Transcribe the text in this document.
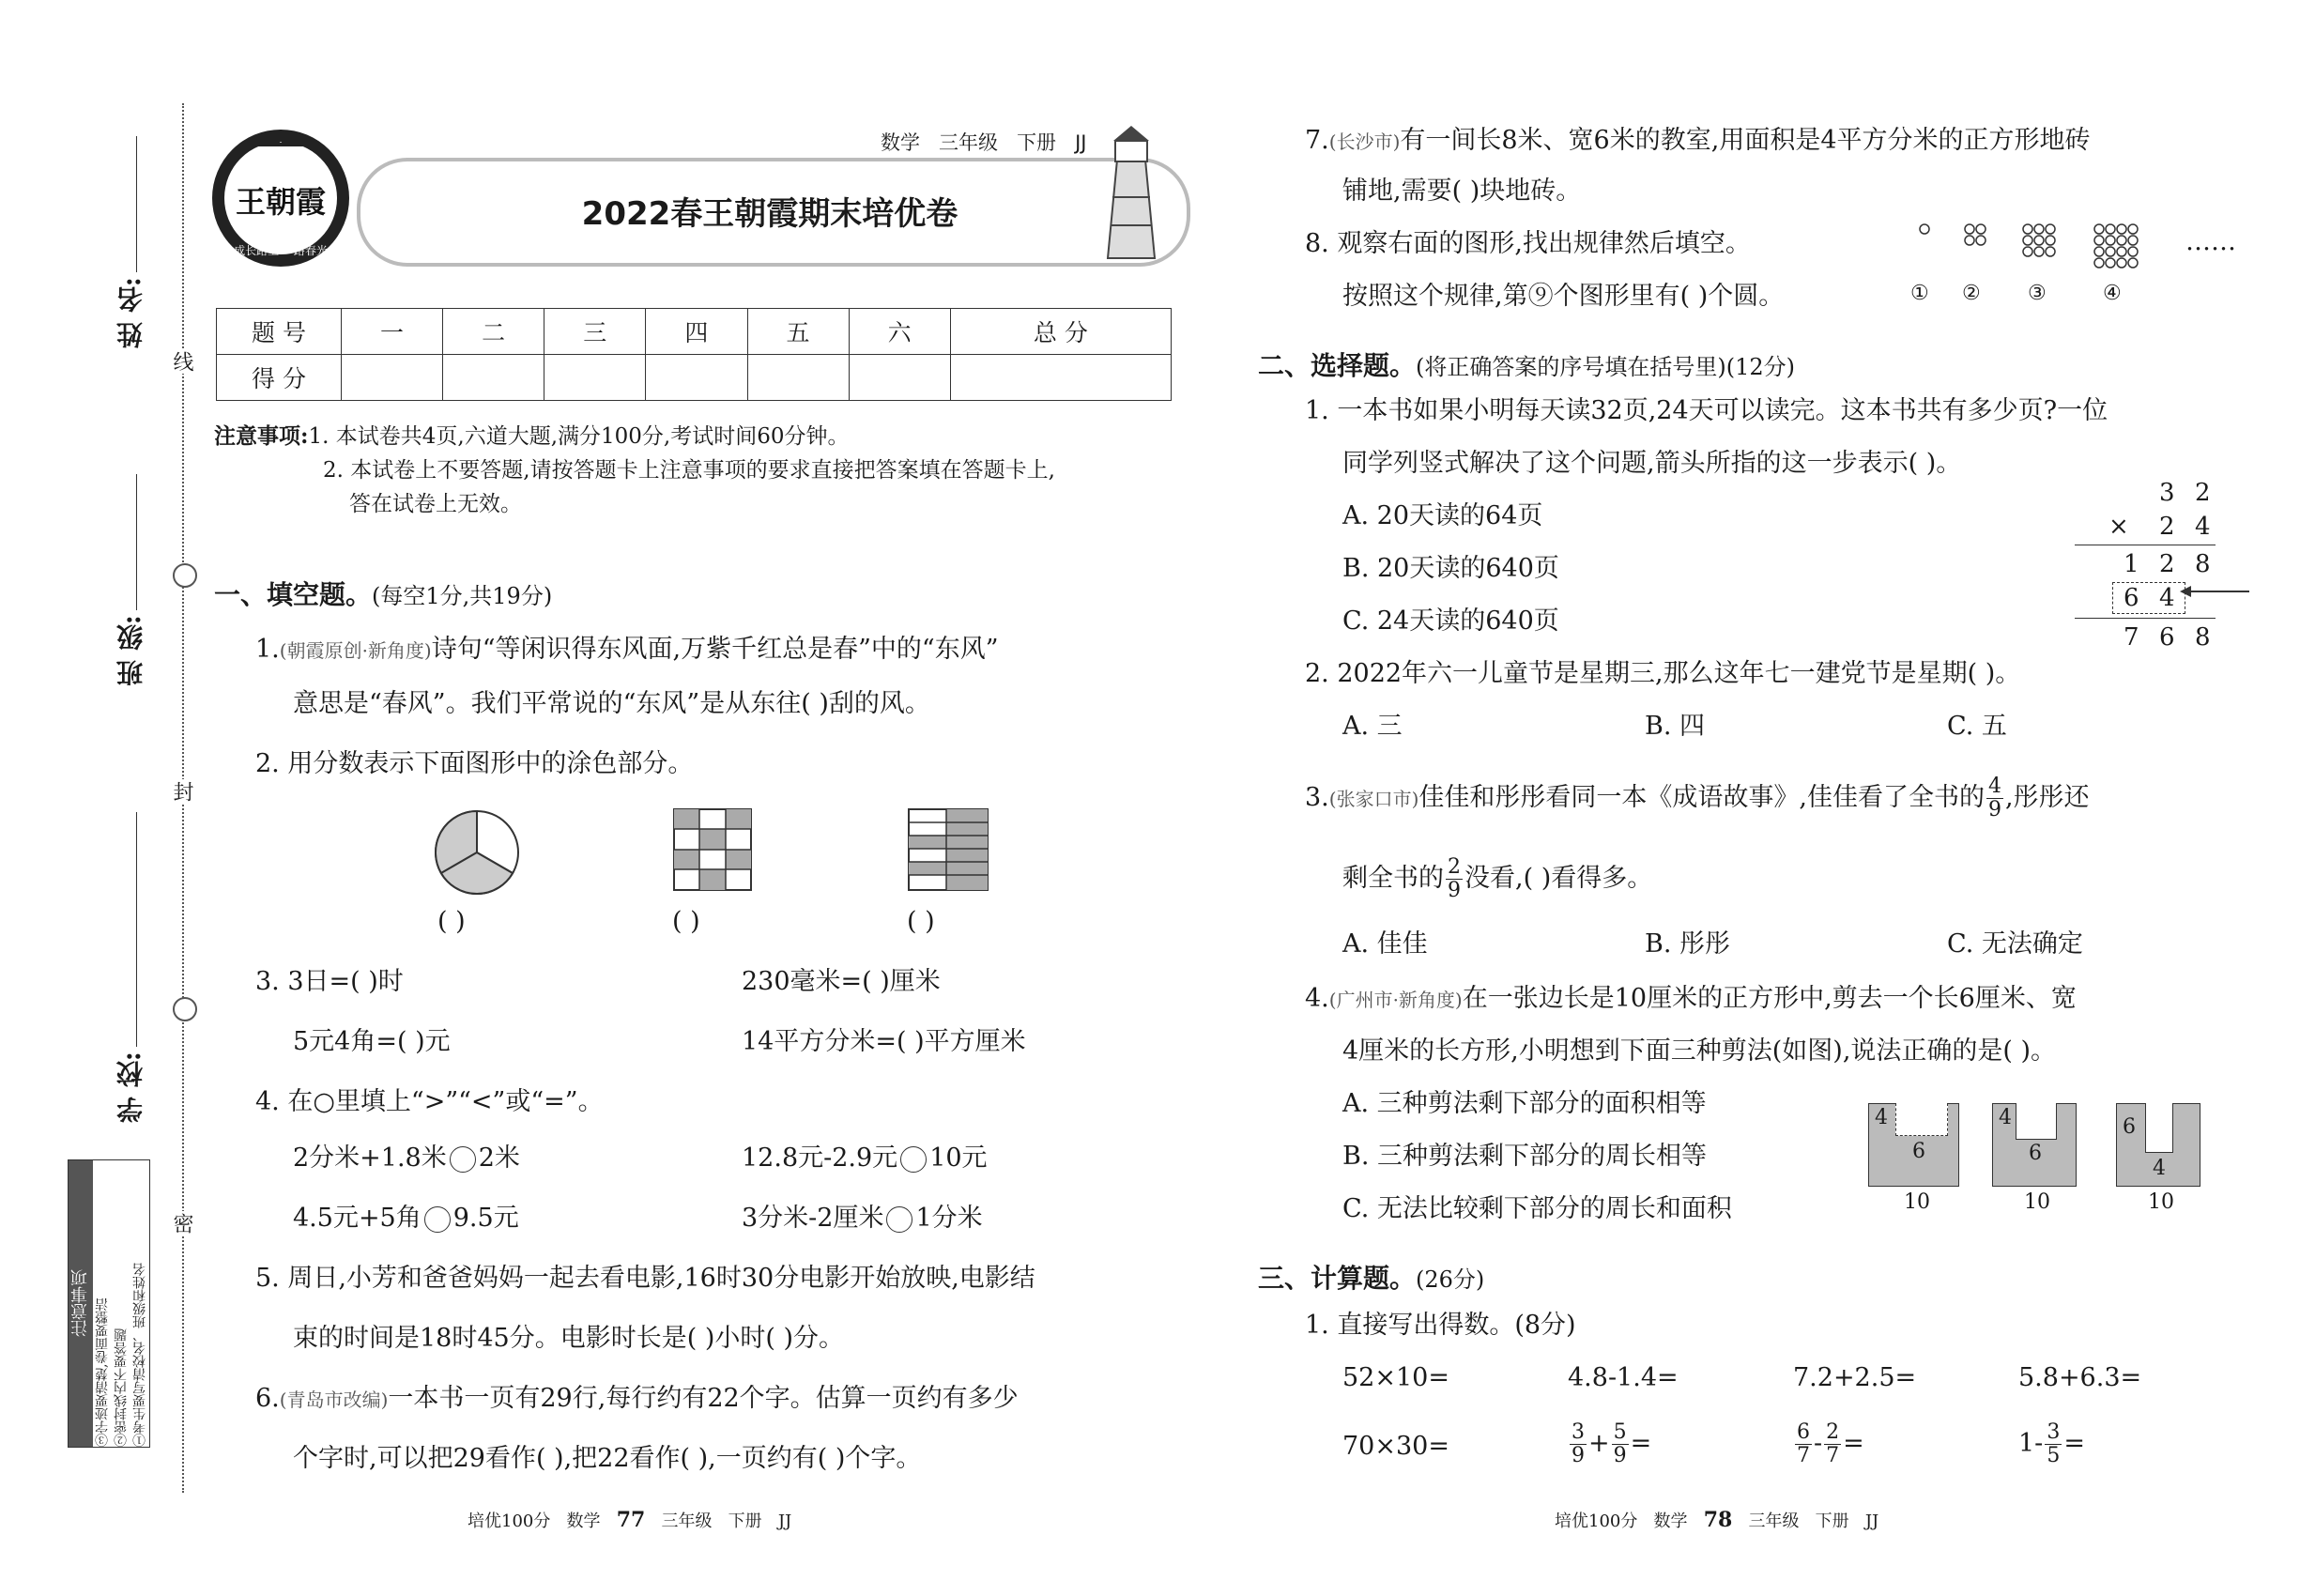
线
封
密
姓 名:
班 级:
学 校:
注意事项	①考生要写清校名、班级和姓名
②密封线内不要答题
③字迹要清楚,卷面要整洁
王朝霞
成长路上 一路春光
2022春王朝霞期末培优卷
数学 三年级 下册 JJ
题 号	一	二	三	四	五	六	总 分
得 分							
注意事项:1. 本试卷共4页,六道大题,满分100分,考试时间60分钟。
2. 本试卷上不要答题,请按答题卡上注意事项的要求直接把答案填在答题卡上,
答在试卷上无效。
一、填空题。(每空1分,共19分)
1.(朝霞原创·新角度)诗句“等闲识得东风面,万紫千红总是春”中的“东风”
意思是“春风”。我们平常说的“东风”是从东往( )刮的风。
2. 用分数表示下面图形中的涂色部分。
( )	( )	( )
3. 3日=( )时	230毫米=( )厘米
5元4角=( )元	14平方分米=( )平方厘米
4. 在○里填上“>”“<”或“=”。
2分米+1.8米 2米	12.8元-2.9元 10元
4.5元+5角 9.5元	3分米-2厘米 1分米
5. 周日,小芳和爸爸妈妈一起去看电影,16时30分电影开始放映,电影结
束的时间是18时45分。电影时长是( )小时( )分。
6.(青岛市改编)一本书一页有29行,每行约有22个字。估算一页约有多少
个字时,可以把29看作( ),把22看作( ),一页约有( )个字。
培优100分 数学 77 三年级 下册 JJ
7.(长沙市)有一间长8米、宽6米的教室,用面积是4平方分米的正方形地砖
铺地,需要( )块地砖。
8. 观察右面的图形,找出规律然后填空。
按照这个规律,第⑨个图形里有( )个圆。
……
① ② ③	④
二、选择题。(将正确答案的序号填在括号里)(12分)
1. 一本书如果小明每天读32页,24天可以读完。这本书共有多少页?一位
同学列竖式解决了这个问题,箭头所指的这一步表示( )。
A. 20天读的64页
B. 20天读的640页
C. 24天读的640页
3 2
× 2 4
1 2 8
6 4
7 6 8
2. 2022年六一儿童节是星期三,那么这年七一建党节是星期( )。
A. 三	B. 四	C. 五
3.(张家口市)佳佳和彤彤看同一本《成语故事》,佳佳看了全书的 $\frac{4}{9}$ ,彤彤还
剩全书的 $\frac{2}{9}$ 没看,( )看得多。
A. 佳佳	B. 彤彤	C. 无法确定
4.(广州市·新角度)在一张边长是10厘米的正方形中,剪去一个长6厘米、宽
4厘米的长方形,小明想到下面三种剪法(如图),说法正确的是( )。
A. 三种剪法剩下部分的面积相等
B. 三种剪法剩下部分的周长相等
C. 无法比较剩下部分的周长和面积
4
6
10
4
6
10
6
4
10
三、计算题。(26分)
1. 直接写出得数。(8分)
52×10=	4.8-1.4=	7.2+2.5=	5.8+6.3=
70×30=	$\frac{3}{9} + \frac{5}{9}$ =	$\frac{6}{7} - \frac{2}{7}$ =	$1- \frac{3}{5}$ =
培优100分 数学 78 三年级 下册 JJ
